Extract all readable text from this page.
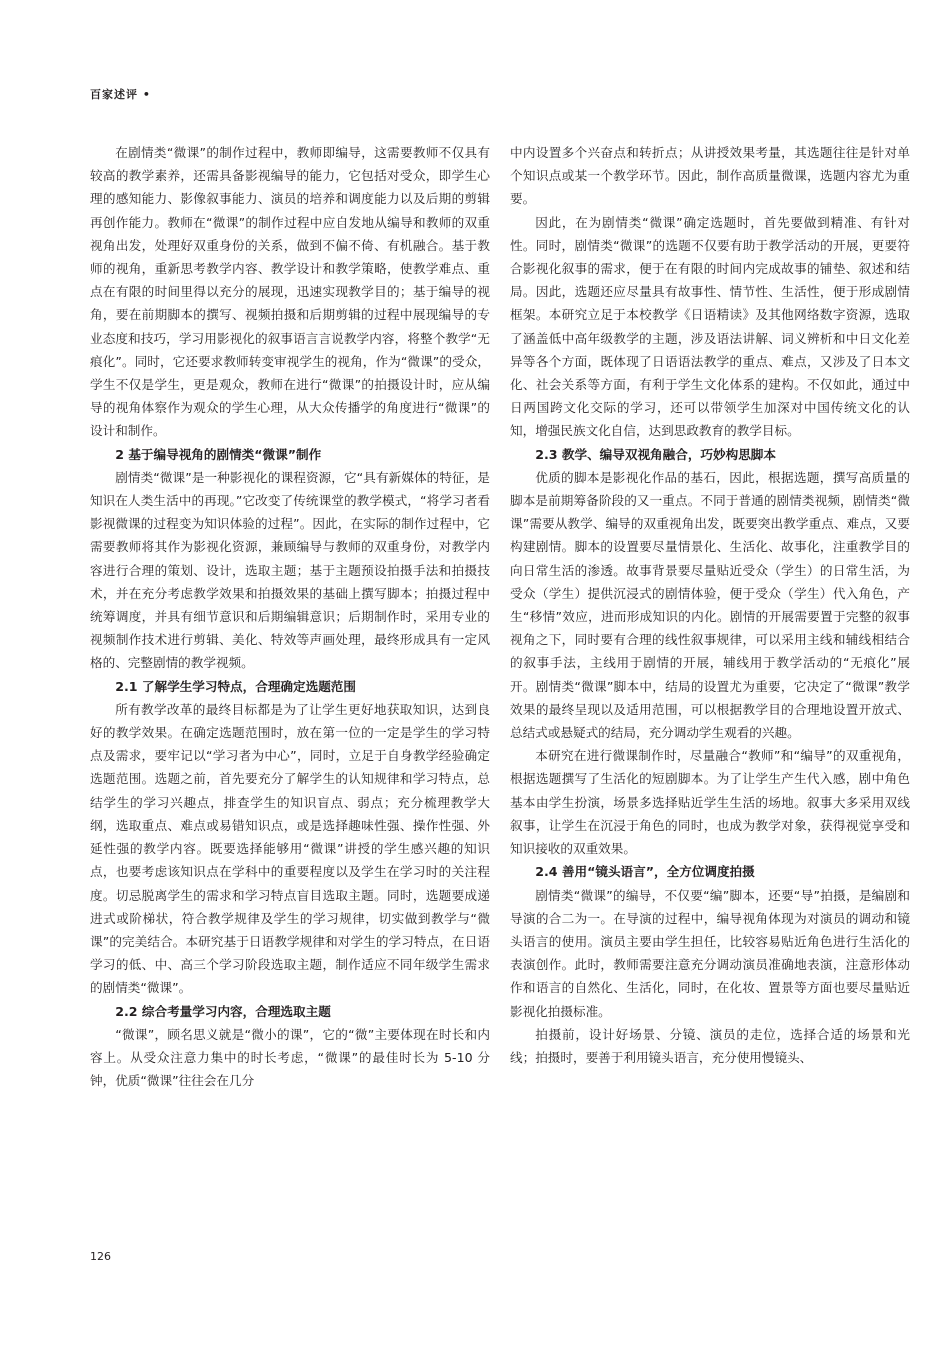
百家述评 •

在剧情类“微课”的制作过程中，教师即编导，这需要教师不仅具有较高的教学素养，还需具备影视编导的能力，它包括对受众，即学生心理的感知能力、影像叙事能力、演员的培养和调度能力以及后期的剪辑再创作能力。教师在“微课”的制作过程中应自发地从编导和教师的双重视角出发，处理好双重身份的关系，做到不偏不倚、有机融合。基于教师的视角，重新思考教学内容、教学设计和教学策略，使教学难点、重点在有限的时间里得以充分的展现，迅速实现教学目的；基于编导的视角，要在前期脚本的撰写、视频拍摄和后期剪辑的过程中展现编导的专业态度和技巧，学习用影视化的叙事语言言说教学内容，将整个教学“无痕化”。同时，它还要求教师转变审视学生的视角，作为“微课”的受众，学生不仅是学生，更是观众，教师在进行“微课”的拍摄设计时，应从编导的视角体察作为观众的学生心理，从大众传播学的角度进行“微课”的设计和制作。

2 基于编导视角的剧情类“微课”制作

剧情类“微课”是一种影视化的课程资源，它“具有新媒体的特征，是知识在人类生活中的再现。”它改变了传统课堂的教学模式，“将学习者看影视微课的过程变为知识体验的过程”。因此，在实际的制作过程中，它需要教师将其作为影视化资源，兼顾编导与教师的双重身份，对教学内容进行合理的策划、设计，选取主题；基于主题预设拍摄手法和拍摄技术，并在充分考虑教学效果和拍摄效果的基础上撰写脚本；拍摄过程中统筹调度，并具有细节意识和后期编辑意识；后期制作时，采用专业的视频制作技术进行剪辑、美化、特效等声画处理，最终形成具有一定风格的、完整剧情的教学视频。

2.1 了解学生学习特点，合理确定选题范围

所有教学改革的最终目标都是为了让学生更好地获取知识，达到良好的教学效果。在确定选题范围时，放在第一位的一定是学生的学习特点及需求，要牢记以“学习者为中心”，同时，立足于自身教学经验确定选题范围。选题之前，首先要充分了解学生的认知规律和学习特点，总结学生的学习兴趣点，排查学生的知识盲点、弱点；充分梳理教学大纲，选取重点、难点或易错知识点，或是选择趣味性强、操作性强、外延性强的教学内容。既要选择能够用“微课”讲授的学生感兴趣的知识点，也要考虑该知识点在学科中的重要程度以及学生在学习时的关注程度。切忌脱离学生的需求和学习特点盲目选取主题。同时，选题要成递进式或阶梯状，符合教学规律及学生的学习规律，切实做到教学与“微课”的完美结合。本研究基于日语教学规律和对学生的学习特点，在日语学习的低、中、高三个学习阶段选取主题，制作适应不同年级学生需求的剧情类“微课”。

2.2 综合考量学习内容，合理选取主题

“微课”，顾名思义就是“微小的课”，它的“微”主要体现在时长和内容上。从受众注意力集中的时长考虑，“微课”的最佳时长为 5-10 分钟，优质“微课”往往会在几分

中内设置多个兴奋点和转折点；从讲授效果考量，其选题往往是针对单个知识点或某一个教学环节。因此，制作高质量微课，选题内容尤为重要。

因此，在为剧情类“微课”确定选题时，首先要做到精准、有针对性。同时，剧情类“微课”的选题不仅要有助于教学活动的开展，更要符合影视化叙事的需求，便于在有限的时间内完成故事的铺垫、叙述和结局。因此，选题还应尽量具有故事性、情节性、生活性，便于形成剧情框架。本研究立足于本校教学《日语精读》及其他网络数字资源，选取了涵盖低中高年级教学的主题，涉及语法讲解、词义辨析和中日文化差异等各个方面，既体现了日语语法教学的重点、难点，又涉及了日本文化、社会关系等方面，有利于学生文化体系的建构。不仅如此，通过中日两国跨文化交际的学习，还可以带领学生加深对中国传统文化的认知，增强民族文化自信，达到思政教育的教学目标。

2.3 教学、编导双视角融合，巧妙构思脚本

优质的脚本是影视化作品的基石，因此，根据选题，撰写高质量的脚本是前期筹备阶段的又一重点。不同于普通的剧情类视频，剧情类“微课”需要从教学、编导的双重视角出发，既要突出教学重点、难点，又要构建剧情。脚本的设置要尽量情景化、生活化、故事化，注重教学目的向日常生活的渗透。故事背景要尽量贴近受众（学生）的日常生活，为受众（学生）提供沉浸式的剧情体验，便于受众（学生）代入角色，产生“移情”效应，进而形成知识的内化。剧情的开展需要置于完整的叙事视角之下，同时要有合理的线性叙事规律，可以采用主线和辅线相结合的叙事手法，主线用于剧情的开展，辅线用于教学活动的“无痕化”展开。剧情类“微课”脚本中，结局的设置尤为重要，它决定了“微课”教学效果的最终呈现以及适用范围，可以根据教学目的合理地设置开放式、总结式或悬疑式的结局，充分调动学生观看的兴趣。

本研究在进行微课制作时，尽量融合“教师”和“编导”的双重视角，根据选题撰写了生活化的短剧脚本。为了让学生产生代入感，剧中角色基本由学生扮演，场景多选择贴近学生生活的场地。叙事大多采用双线叙事，让学生在沉浸于角色的同时，也成为教学对象，获得视觉享受和知识接收的双重效果。

2.4 善用“镜头语言”，全方位调度拍摄

剧情类“微课”的编导，不仅要“编”脚本，还要“导”拍摄，是编剧和导演的合二为一。在导演的过程中，编导视角体现为对演员的调动和镜头语言的使用。演员主要由学生担任，比较容易贴近角色进行生活化的表演创作。此时，教师需要注意充分调动演员准确地表演，注意形体动作和语言的自然化、生活化，同时，在化妆、置景等方面也要尽量贴近影视化拍摄标准。

拍摄前，设计好场景、分镜、演员的走位，选择合适的场景和光线；拍摄时，要善于利用镜头语言，充分使用慢镜头、

126
